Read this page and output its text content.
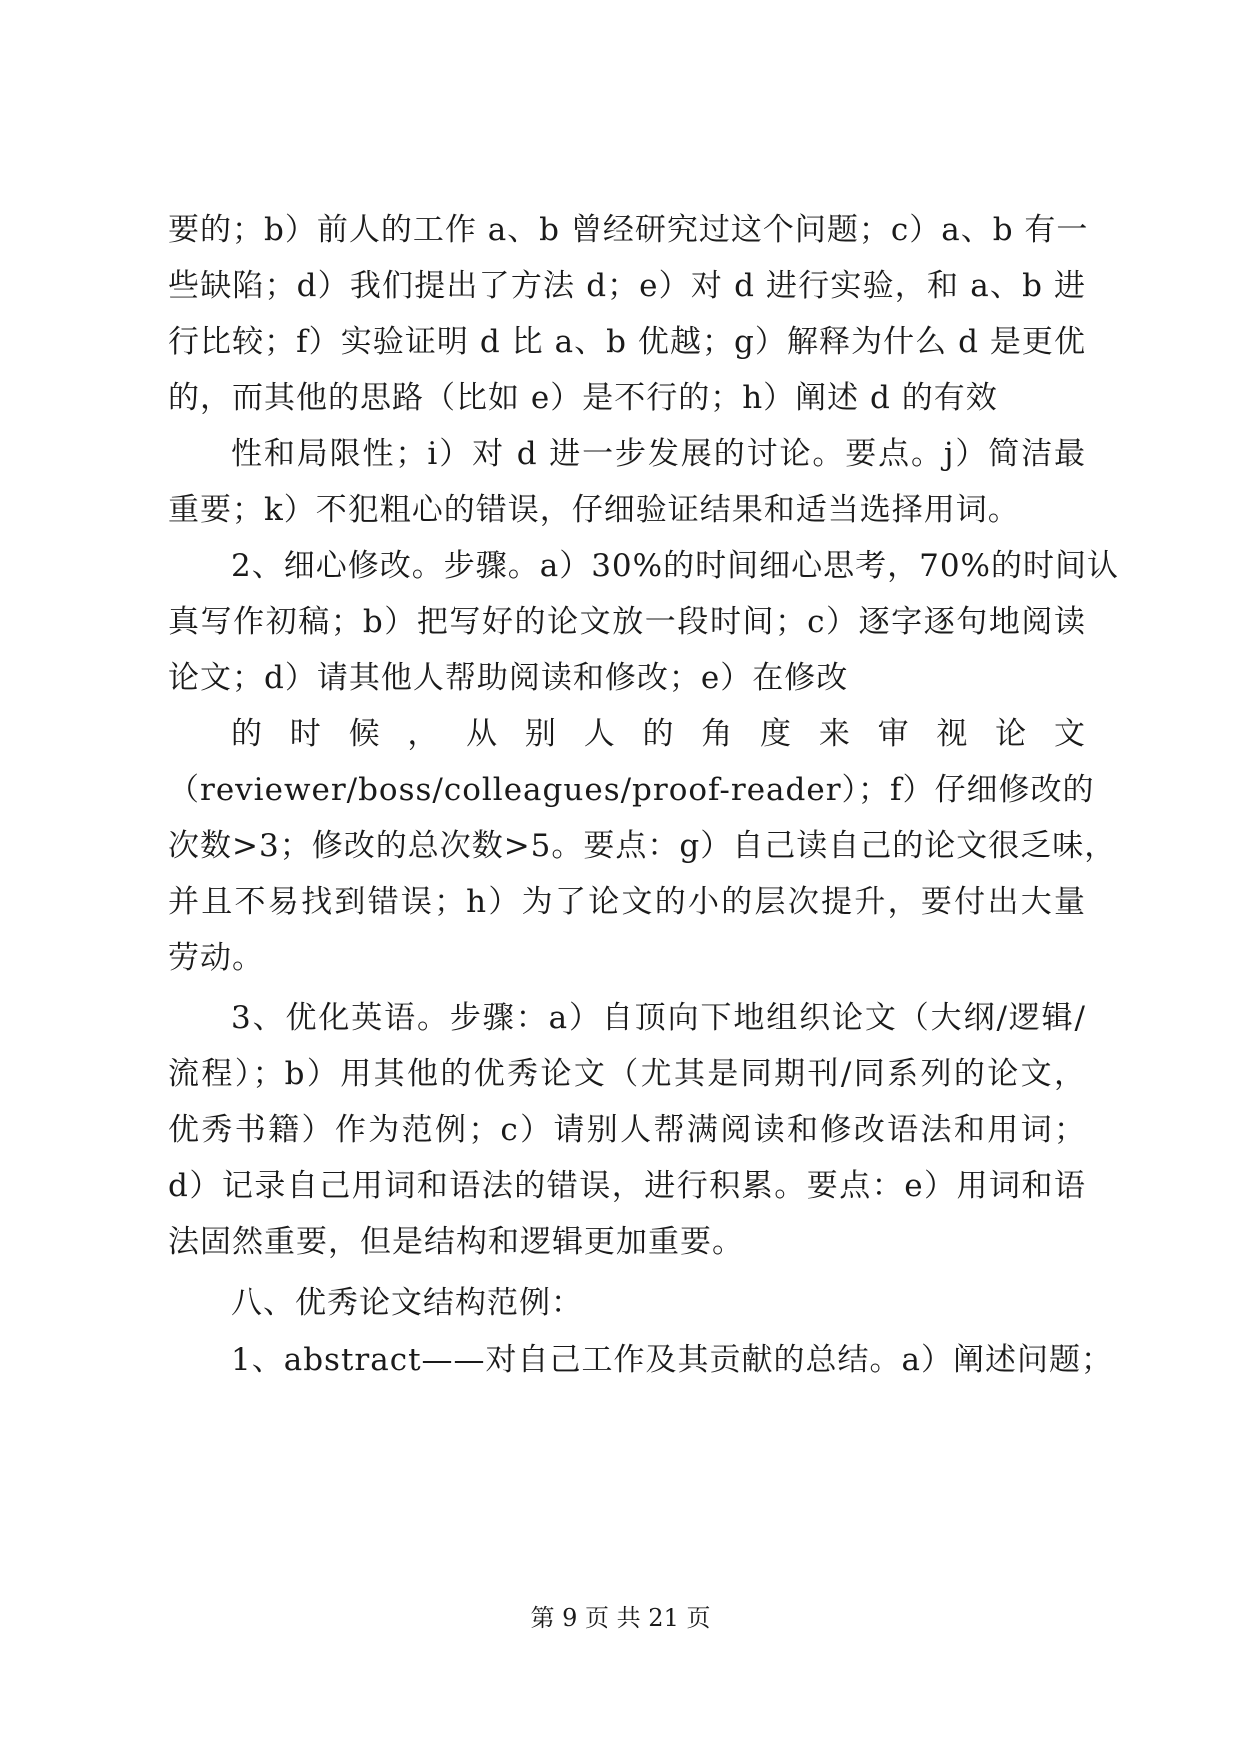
要的；b）前人的工作 a、b 曾经研究过这个问题；c）a、b 有一

些缺陷；d）我们提出了方法 d；e）对 d 进行实验，和 a、b 进

行比较；f）实验证明 d 比 a、b 优越；g）解释为什么 d 是更优

的，而其他的思路（比如 e）是不行的；h）阐述 d 的有效

性和局限性；i）对 d 进一步发展的讨论。要点。j）简洁最

重要；k）不犯粗心的错误，仔细验证结果和适当选择用词。

2、细心修改。步骤。a）30%的时间细心思考，70%的时间认

真写作初稿；b）把写好的论文放一段时间；c）逐字逐句地阅读

论文；d）请其他人帮助阅读和修改；e）在修改

的 时 候 ， 从 别 人 的 角 度 来 审 视 论 文

（reviewer/boss/colleagues/proof-reader）；f）仔细修改的

次数>3；修改的总次数>5。要点：g）自己读自己的论文很乏味，

并且不易找到错误；h）为了论文的小的层次提升，要付出大量

劳动。

3、优化英语。步骤：a）自顶向下地组织论文（大纲/逻辑/

流程）；b）用其他的优秀论文（尤其是同期刊/同系列的论文，

优秀书籍）作为范例；c）请别人帮满阅读和修改语法和用词；

d）记录自己用词和语法的错误，进行积累。要点：e）用词和语

法固然重要，但是结构和逻辑更加重要。

八、优秀论文结构范例：

1、abstract——对自己工作及其贡献的总结。a）阐述问题；

第 9 页 共 21 页
